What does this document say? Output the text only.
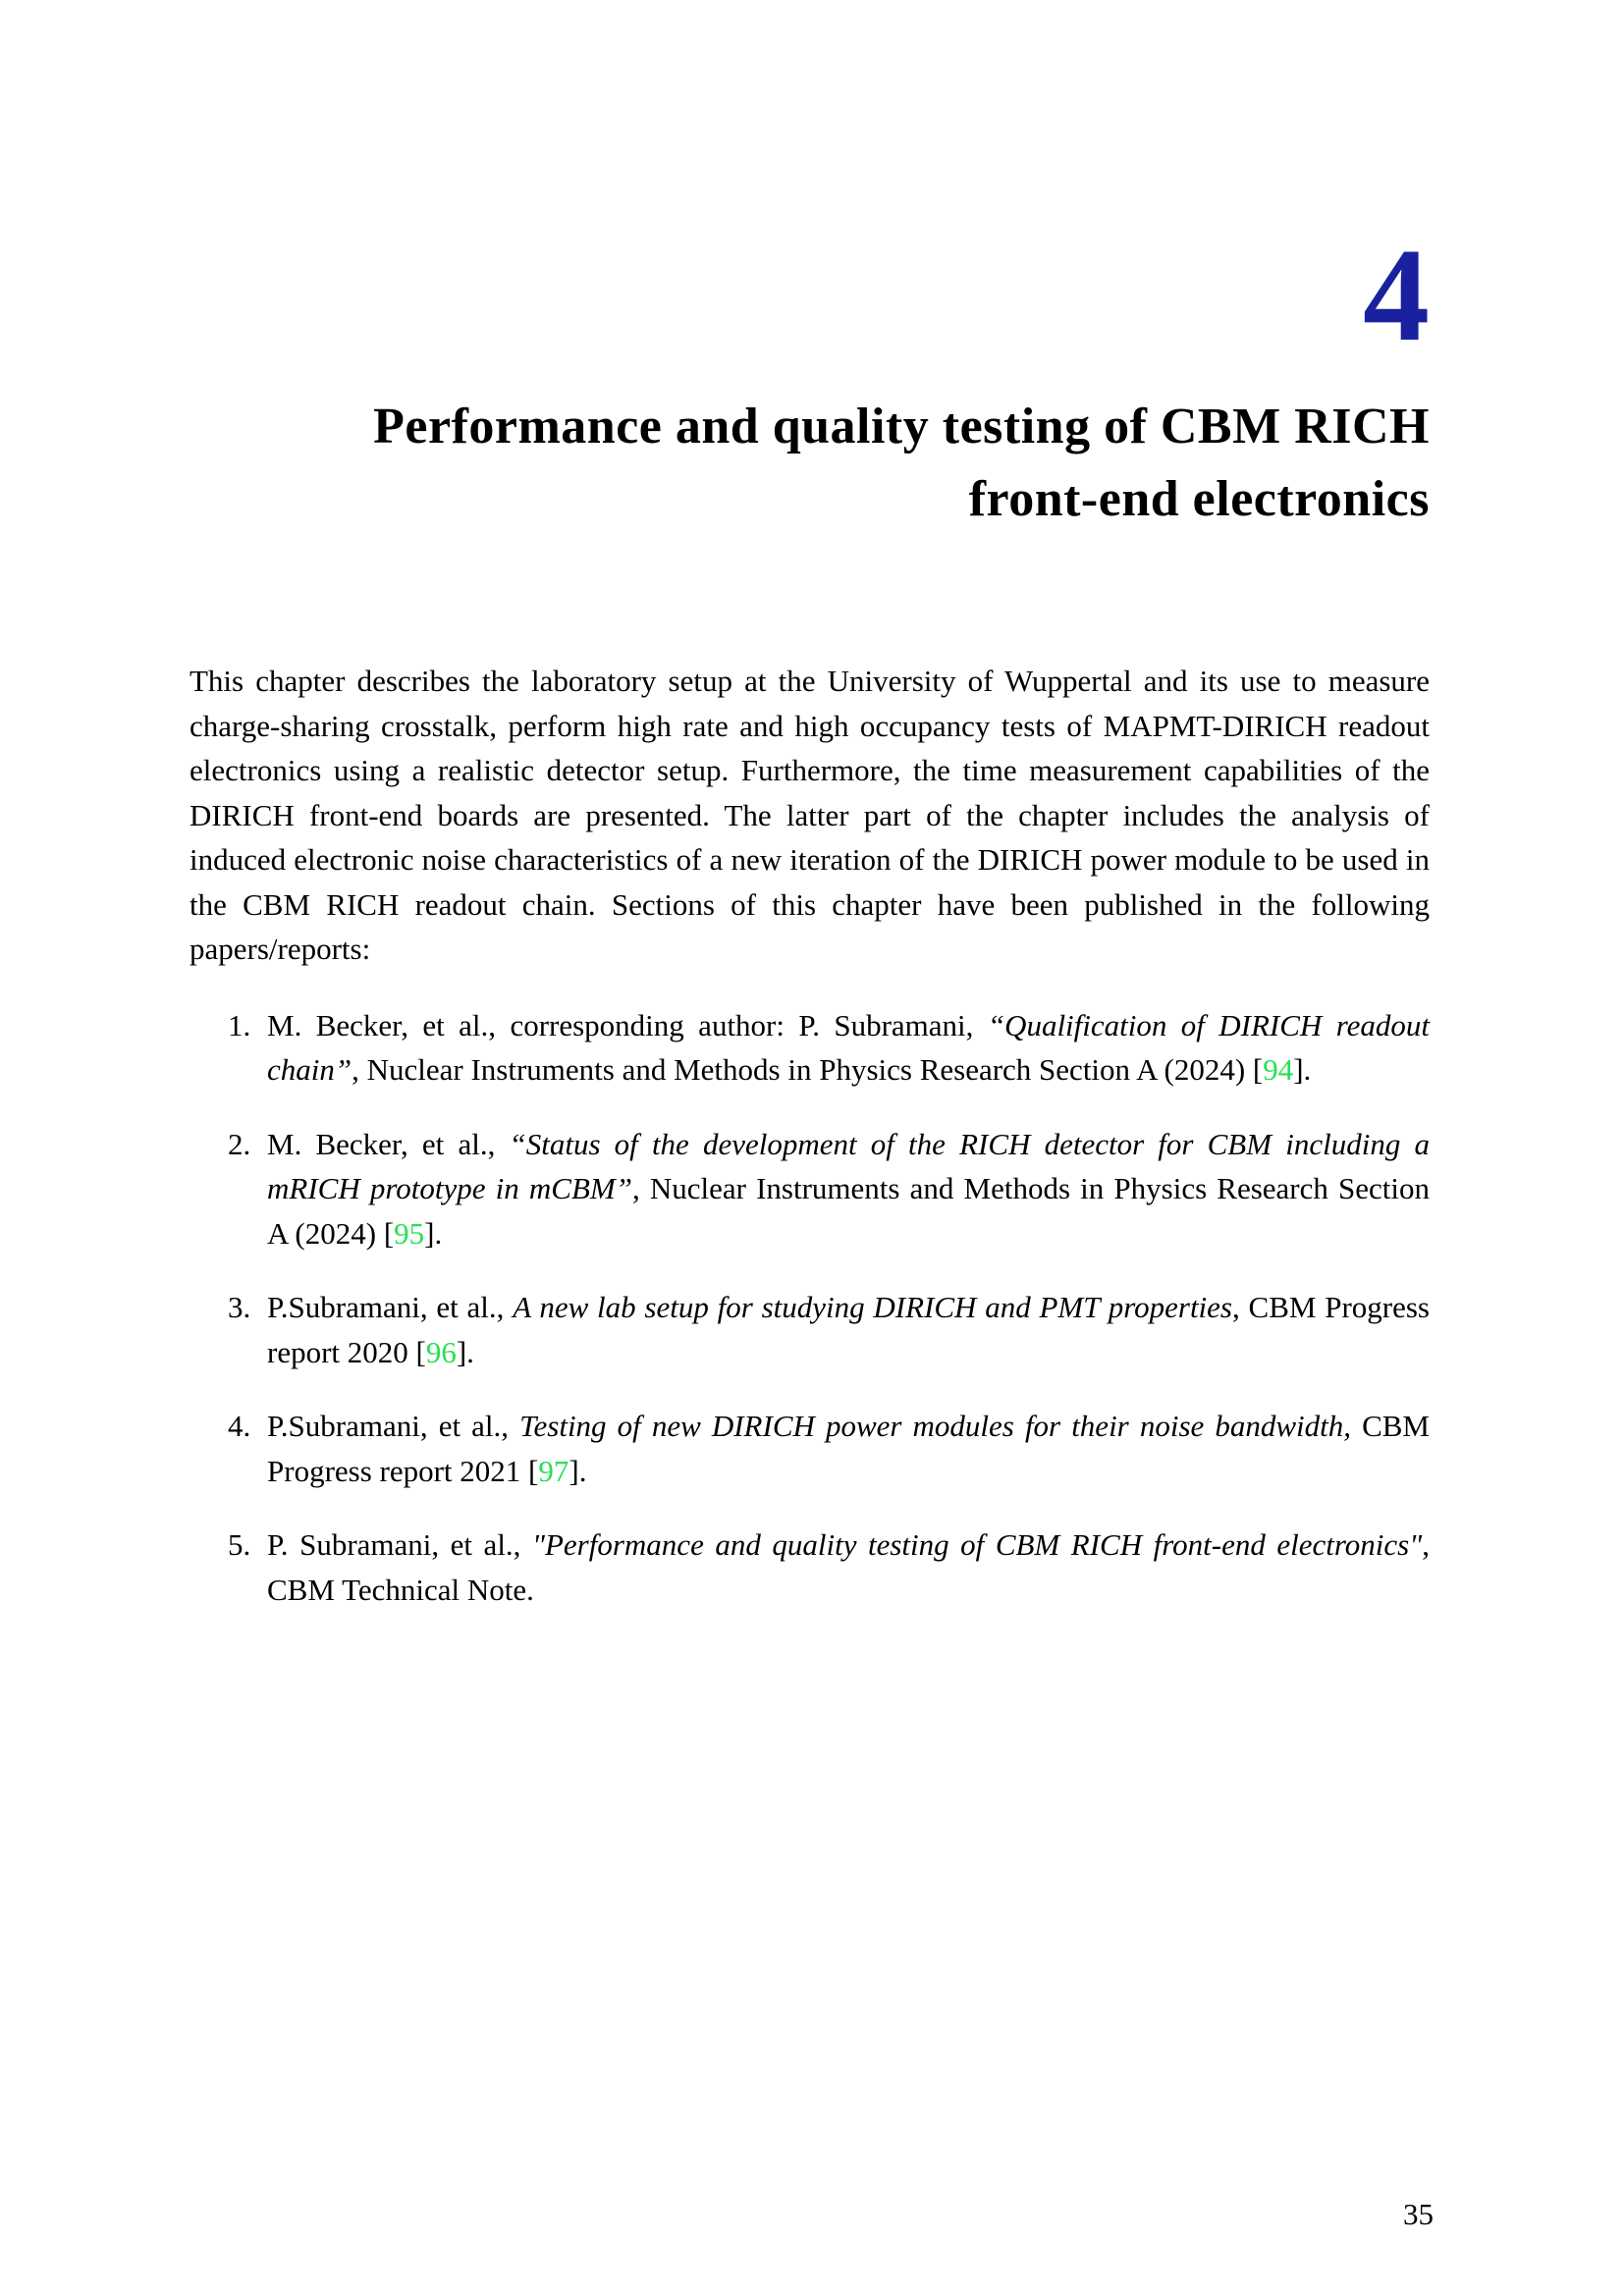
4
Performance and quality testing of CBM RICH
front-end electronics

This chapter describes the laboratory setup at the University of Wuppertal and its use to measure charge-sharing crosstalk, perform high rate and high occupancy tests of MAPMT-DIRICH readout electronics using a realistic detector setup. Furthermore, the time measurement capabilities of the DIRICH front-end boards are presented. The latter part of the chapter includes the analysis of induced electronic noise characteristics of a new iteration of the DIRICH power module to be used in the CBM RICH readout chain. Sections of this chapter have been published in the following papers/reports:

1. M. Becker, et al., corresponding author: P. Subramani, “Qualification of DIRICH readout chain”, Nuclear Instruments and Methods in Physics Research Section A (2024) [94].
2. M. Becker, et al., “Status of the development of the RICH detector for CBM including a mRICH prototype in mCBM”, Nuclear Instruments and Methods in Physics Research Section A (2024) [95].
3. P.Subramani, et al., A new lab setup for studying DIRICH and PMT properties, CBM Progress report 2020 [96].
4. P.Subramani, et al., Testing of new DIRICH power modules for their noise bandwidth, CBM Progress report 2021 [97].
5. P. Subramani, et al., "Performance and quality testing of CBM RICH front-end electronics", CBM Technical Note.
35
